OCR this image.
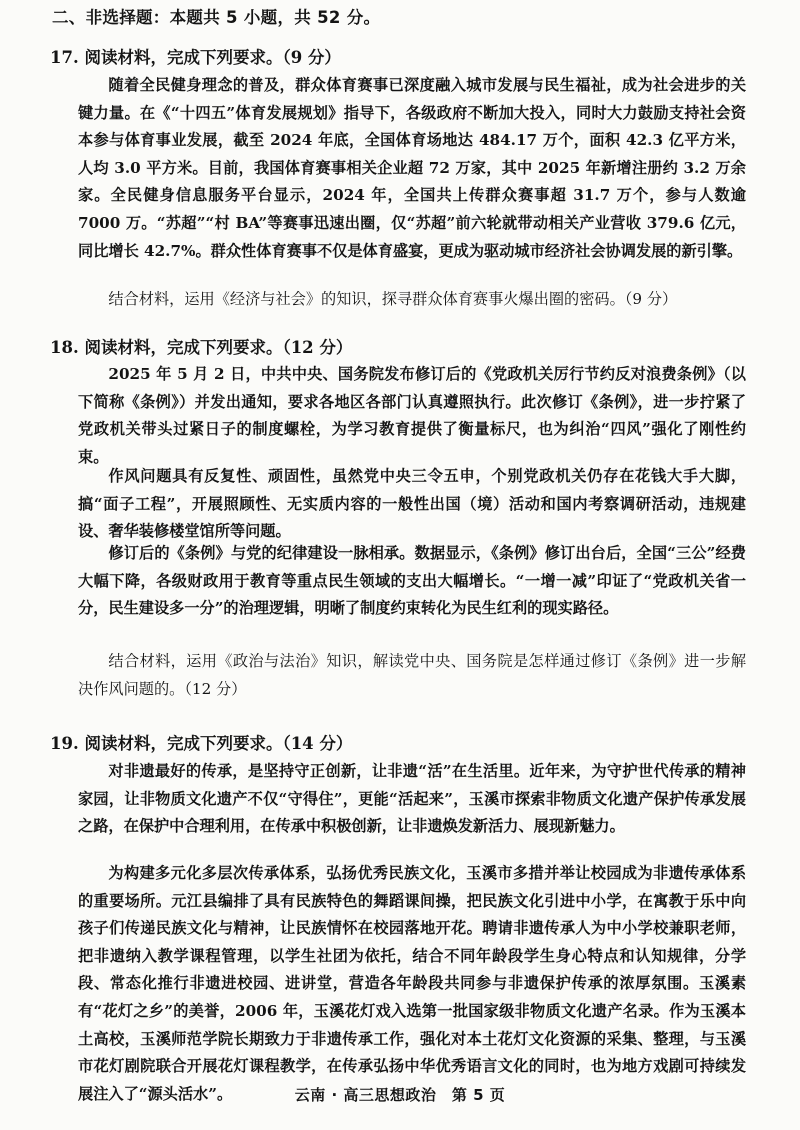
二、非选择题：本题共 5 小题，共 52 分。
17. 阅读材料，完成下列要求。（9 分）

随着全民健身理念的普及，群众体育赛事已深度融入城市发展与民生福祉，成为社会进步的关键力量。在《“十四五”体育发展规划》指导下，各级政府不断加大投入，同时大力鼓励支持社会资本参与体育事业发展，截至 2024 年底，全国体育场地达 484.17 万个，面积 42.3 亿平方米，人均 3.0 平方米。目前，我国体育赛事相关企业超 72 万家，其中 2025 年新增注册约 3.2 万余家。全民健身信息服务平台显示，2024 年，全国共上传群众赛事超 31.7 万个，参与人数逾 7000 万。“苏超”“村 BA”等赛事迅速出圈，仅“苏超”前六轮就带动相关产业营收 379.6 亿元，同比增长 42.7%。群众性体育赛事不仅是体育盛宴，更成为驱动城市经济社会协调发展的新引擎。

结合材料，运用《经济与社会》的知识，探寻群众体育赛事火爆出圈的密码。（9 分）

18. 阅读材料，完成下列要求。（12 分）

2025 年 5 月 2 日，中共中央、国务院发布修订后的《党政机关厉行节约反对浪费条例》（以下简称《条例》）并发出通知，要求各地区各部门认真遵照执行。此次修订《条例》，进一步拧紧了党政机关带头过紧日子的制度螺栓，为学习教育提供了衡量标尺，也为纠治“四风”强化了刚性约束。

作风问题具有反复性、顽固性，虽然党中央三令五申，个别党政机关仍存在花钱大手大脚，搞“面子工程”，开展照顾性、无实质内容的一般性出国（境）活动和国内考察调研活动，违规建设、奢华装修楼堂馆所等问题。

修订后的《条例》与党的纪律建设一脉相承。数据显示，《条例》修订出台后，全国“三公”经费大幅下降，各级财政用于教育等重点民生领域的支出大幅增长。“一增一减”印证了“党政机关省一分，民生建设多一分”的治理逻辑，明晰了制度约束转化为民生红利的现实路径。

结合材料，运用《政治与法治》知识，解读党中央、国务院是怎样通过修订《条例》进一步解决作风问题的。（12 分）

19. 阅读材料，完成下列要求。（14 分）

对非遗最好的传承，是坚持守正创新，让非遗“活”在生活里。近年来，为守护世代传承的精神家园，让非物质文化遗产不仅“守得住”，更能“活起来”，玉溪市探索非物质文化遗产保护传承发展之路，在保护中合理利用，在传承中积极创新，让非遗焕发新活力、展现新魅力。

为构建多元化多层次传承体系，弘扬优秀民族文化，玉溪市多措并举让校园成为非遗传承体系的重要场所。元江县编排了具有民族特色的舞蹈课间操，把民族文化引进中小学，在寓教于乐中向孩子们传递民族文化与精神，让民族情怀在校园落地开花。聘请非遗传承人为中小学校兼职老师，把非遗纳入教学课程管理，以学生社团为依托，结合不同年龄段学生身心特点和认知规律，分学段、常态化推行非遗进校园、进讲堂，营造各年龄段共同参与非遗保护传承的浓厚氛围。玉溪素有“花灯之乡”的美誉，2006 年，玉溪花灯戏入选第一批国家级非物质文化遗产名录。作为玉溪本土高校，玉溪师范学院长期致力于非遗传承工作，强化对本土花灯文化资源的采集、整理，与玉溪市花灯剧院联合开展花灯课程教学，在传承弘扬中华优秀语言文化的同时，也为地方戏剧可持续发展注入了“源头活水”。	云南 · 高三思想政治　第 5 页
